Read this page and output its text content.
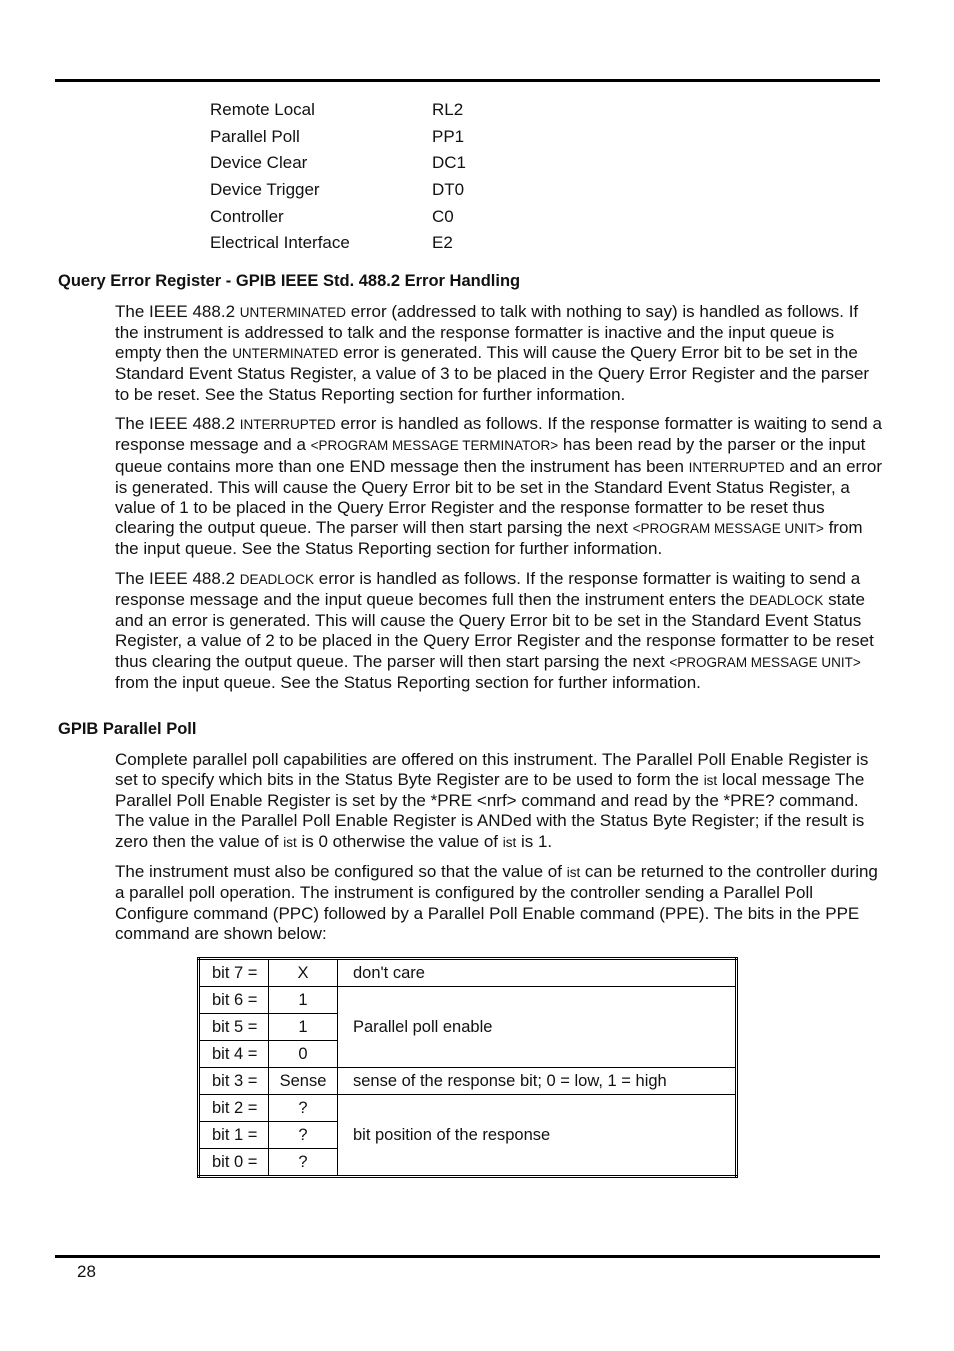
Remote Local	RL2
Parallel Poll	PP1
Device Clear	DC1
Device Trigger	DT0
Controller	C0
Electrical Interface	E2
Query Error Register - GPIB IEEE Std. 488.2 Error Handling

The IEEE 488.2 UNTERMINATED error (addressed to talk with nothing to say) is handled as follows. If the instrument is addressed to talk and the response formatter is inactive and the input queue is empty then the UNTERMINATED error is generated. This will cause the Query Error bit to be set in the Standard Event Status Register, a value of 3 to be placed in the Query Error Register and the parser to be reset. See the Status Reporting section for further information.

The IEEE 488.2 INTERRUPTED error is handled as follows. If the response formatter is waiting to send a response message and a <PROGRAM MESSAGE TERMINATOR> has been read by the parser or the input queue contains more than one END message then the instrument has been INTERRUPTED and an error is generated. This will cause the Query Error bit to be set in the Standard Event Status Register, a value of 1 to be placed in the Query Error Register and the response formatter to be reset thus clearing the output queue. The parser will then start parsing the next <PROGRAM MESSAGE UNIT> from the input queue. See the Status Reporting section for further information.

The IEEE 488.2 DEADLOCK error is handled as follows. If the response formatter is waiting to send a response message and the input queue becomes full then the instrument enters the DEADLOCK state and an error is generated. This will cause the Query Error bit to be set in the Standard Event Status Register, a value of 2 to be placed in the Query Error Register and the response formatter to be reset thus clearing the output queue. The parser will then start parsing the next <PROGRAM MESSAGE UNIT> from the input queue. See the Status Reporting section for further information.

GPIB Parallel Poll

Complete parallel poll capabilities are offered on this instrument. The Parallel Poll Enable Register is set to specify which bits in the Status Byte Register are to be used to form the ist local message The Parallel Poll Enable Register is set by the *PRE <nrf> command and read by the *PRE? command. The value in the Parallel Poll Enable Register is ANDed with the Status Byte Register; if the result is zero then the value of ist is 0 otherwise the value of ist is 1.

The instrument must also be configured so that the value of ist can be returned to the controller during a parallel poll operation. The instrument is configured by the controller sending a Parallel Poll Configure command (PPC) followed by a Parallel Poll Enable command (PPE). The bits in the PPE command are shown below:

bit 7 =	X	don't care
bit 6 =	1	Parallel poll enable
bit 5 =	1	
bit 4 =	0	
bit 3 =	Sense	sense of the response bit; 0 = low, 1 = high
bit 2 =	?	bit position of the response
bit 1 =	?	
bit 0 =	?	
28
